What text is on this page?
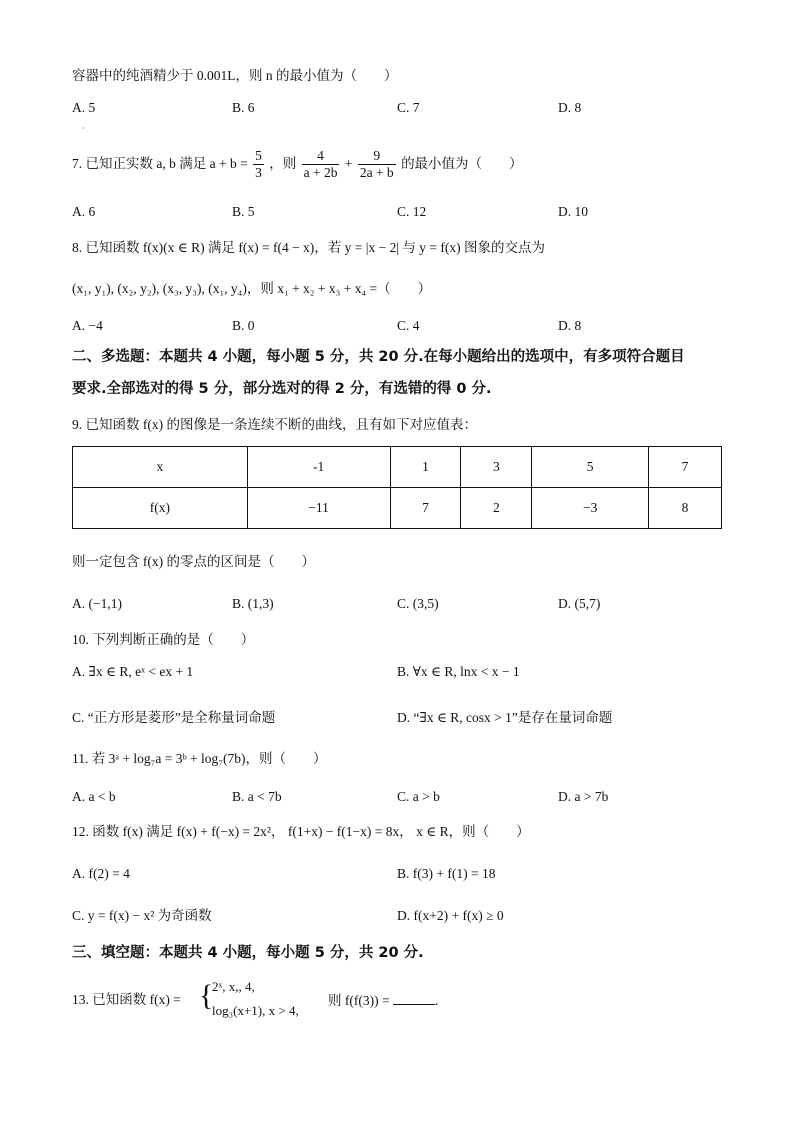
容器中的纯酒精少于 0.001L，则 n 的最小值为（　　）
A. 5	B. 6	C. 7	D. 8
·
7. 已知正实数 a, b 满足 $a + b = \frac{5}{3}$ ，则 $\frac{4}{a + 2b} + \frac{9}{2a + b}$ 的最小值为（　　）
A. 6	B. 5	C. 12	D. 10
8. 已知函数 f(x)(x ∈ R) 满足 f(x) = f(4 − x)，若 y = |x − 2| 与 y = f(x) 图象的交点为
(x₁, y₁), (x₂, y₂), (x₃, y₃), (x₁, y₄)，则 x₁ + x₂ + x₃ + x₄ =（　　）
A. −4	B. 0	C. 4	D. 8
二、多选题：本题共 4 小题，每小题 5 分，共 20 分.在每小题给出的选项中，有多项符合题目
要求.全部选对的得 5 分，部分选对的得 2 分，有选错的得 0 分.
9. 已知函数 f(x) 的图像是一条连续不断的曲线，且有如下对应值表：
x	-1	1	3	5	7
f(x)	−11	7	2	−3	8
则一定包含 f(x) 的零点的区间是（　　）
A. (−1,1)	B. (1,3)	C. (3,5)	D. (5,7)
10. 下列判断正确的是（　　）
A. ∃x ∈ R, eˣ < ex + 1	B. ∀x ∈ R, lnx < x − 1
C. “正方形是菱形”是全称量词命题	D. “∃x ∈ R, cosx > 1”是存在量词命题
11. 若 3ᵃ + log₇a = 3ᵇ + log₇(7b)，则（　　）
A. a < b	B. a < 7b	C. a > b	D. a > 7b
12. 函数 f(x) 满足 f(x) + f(−x) = 2x²， f(1+x) − f(1−x) = 8x， x ∈ R，则（　　）
A. f(2) = 4	B. f(3) + f(1) = 18
C. y = f(x) − x² 为奇函数	D. f(x+2) + f(x) ≥ 0
三、填空题：本题共 4 小题，每小题 5 分，共 20 分.
13. 已知函数 f(x) = {
2ˣ, x,, 4,
log₃(x+1), x > 4,
则 f(f(3)) =	.
